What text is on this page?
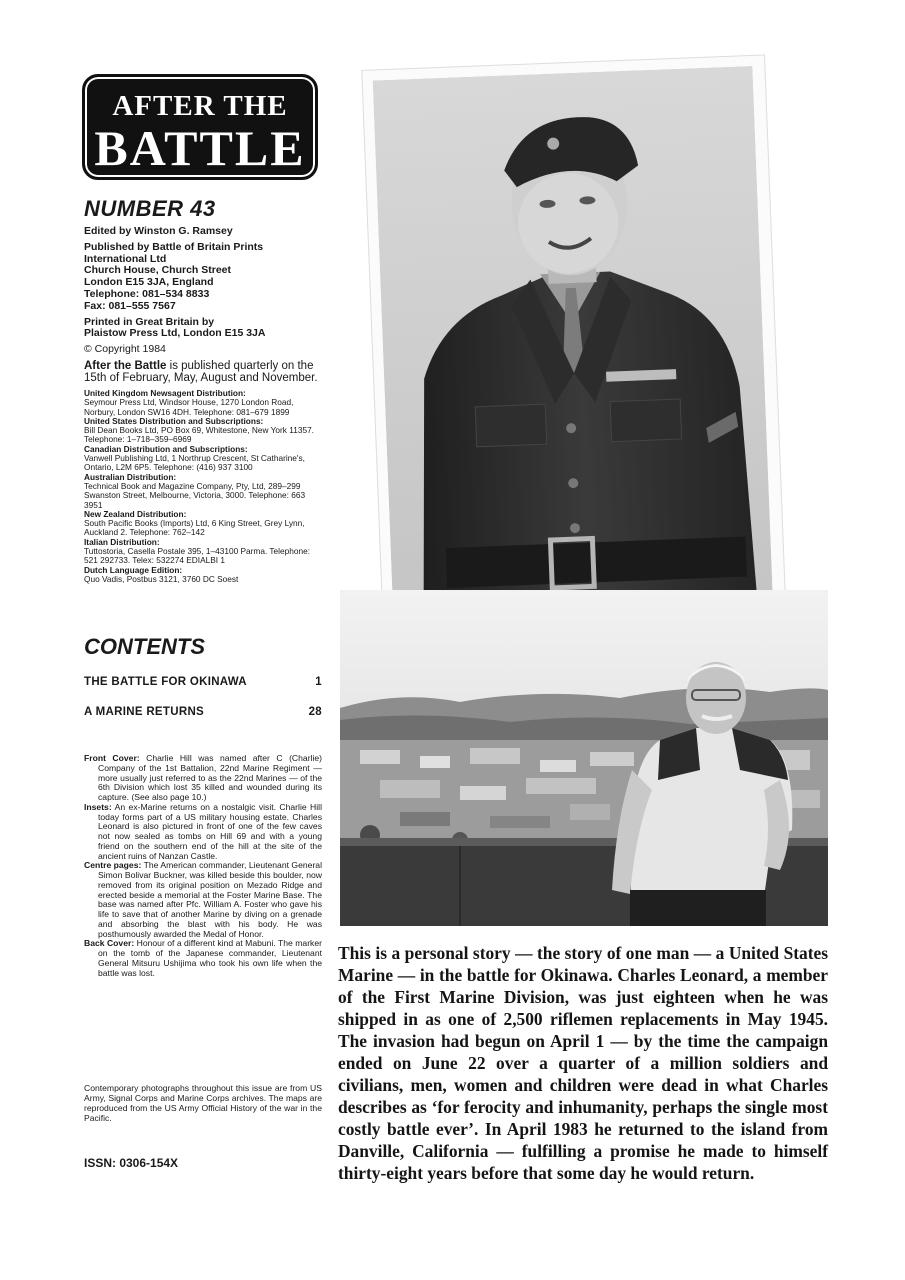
AFTER THE
BATTLE
NUMBER 43

Edited by Winston G. Ramsey

Published by Battle of Britain Prints
International Ltd
Church House, Church Street
London E15 3JA, England
Telephone: 081–534 8833
Fax: 081–555 7567

Printed in Great Britain by
Plaistow Press Ltd, London E15 3JA

© Copyright 1984

After the Battle is published quarterly on the 15th of February, May, August and November.

United Kingdom Newsagent Distribution:
Seymour Press Ltd, Windsor House, 1270 London Road, Norbury, London SW16 4DH. Telephone: 081–679 1899
United States Distribution and Subscriptions:
Bill Dean Books Ltd, PO Box 69, Whitestone, New York 11357. Telephone: 1–718–359–6969
Canadian Distribution and Subscriptions:
Vanwell Publishing Ltd, 1 Northrup Crescent, St Catharine's, Ontario, L2M 6P5. Telephone: (416) 937 3100
Australian Distribution:
Technical Book and Magazine Company, Pty, Ltd, 289–299 Swanston Street, Melbourne, Victoria, 3000. Telephone: 663 3951
New Zealand Distribution:
South Pacific Books (Imports) Ltd, 6 King Street, Grey Lynn, Auckland 2. Telephone: 762–142
Italian Distribution:
Tuttostoria, Casella Postale 395, 1–43100 Parma. Telephone: 521 292733. Telex: 532274 EDIALBI 1
Dutch Language Edition:
Quo Vadis, Postbus 3121, 3760 DC Soest
CONTENTS
THE BATTLE FOR OKINAWA	1
A MARINE RETURNS	28

Front Cover: Charlie Hill was named after C (Charlie) Company of the 1st Battalion, 22nd Marine Regiment — more usually just referred to as the 22nd Marines — of the 6th Division which lost 35 killed and wounded during its capture. (See also page 10.)

Insets: An ex-Marine returns on a nostalgic visit. Charlie Hill today forms part of a US military housing estate. Charles Leonard is also pictured in front of one of the few caves not now sealed as tombs on Hill 69 and with a young friend on the southern end of the hill at the site of the ancient ruins of Nanzan Castle.

Centre pages: The American commander, Lieutenant General Simon Bolivar Buckner, was killed beside this boulder, now removed from its original position on Mezado Ridge and erected beside a memorial at the Foster Marine Base. The base was named after Pfc. William A. Foster who gave his life to save that of another Marine by diving on a grenade and absorbing the blast with his body. He was posthumously awarded the Medal of Honor.

Back Cover: Honour of a different kind at Mabuni. The marker on the tomb of the Japanese commander, Lieutenant General Mitsuru Ushijima who took his own life when the battle was lost.

Contemporary photographs throughout this issue are from US Army, Signal Corps and Marine Corps archives. The maps are reproduced from the US Army Official History of the war in the Pacific.
ISSN: 0306-154X
This is a personal story — the story of one man — a United States Marine — in the battle for Okinawa. Charles Leonard, a member of the First Marine Division, was just eighteen when he was shipped in as one of 2,500 riflemen replacements in May 1945. The invasion had begun on April 1 — by the time the campaign ended on June 22 over a quarter of a million soldiers and civilians, men, women and children were dead in what Charles describes as ‘for ferocity and inhumanity, perhaps the single most costly battle ever’. In April 1983 he returned to the island from Danville, California — fulfilling a promise he made to himself thirty-eight years before that some day he would return.
